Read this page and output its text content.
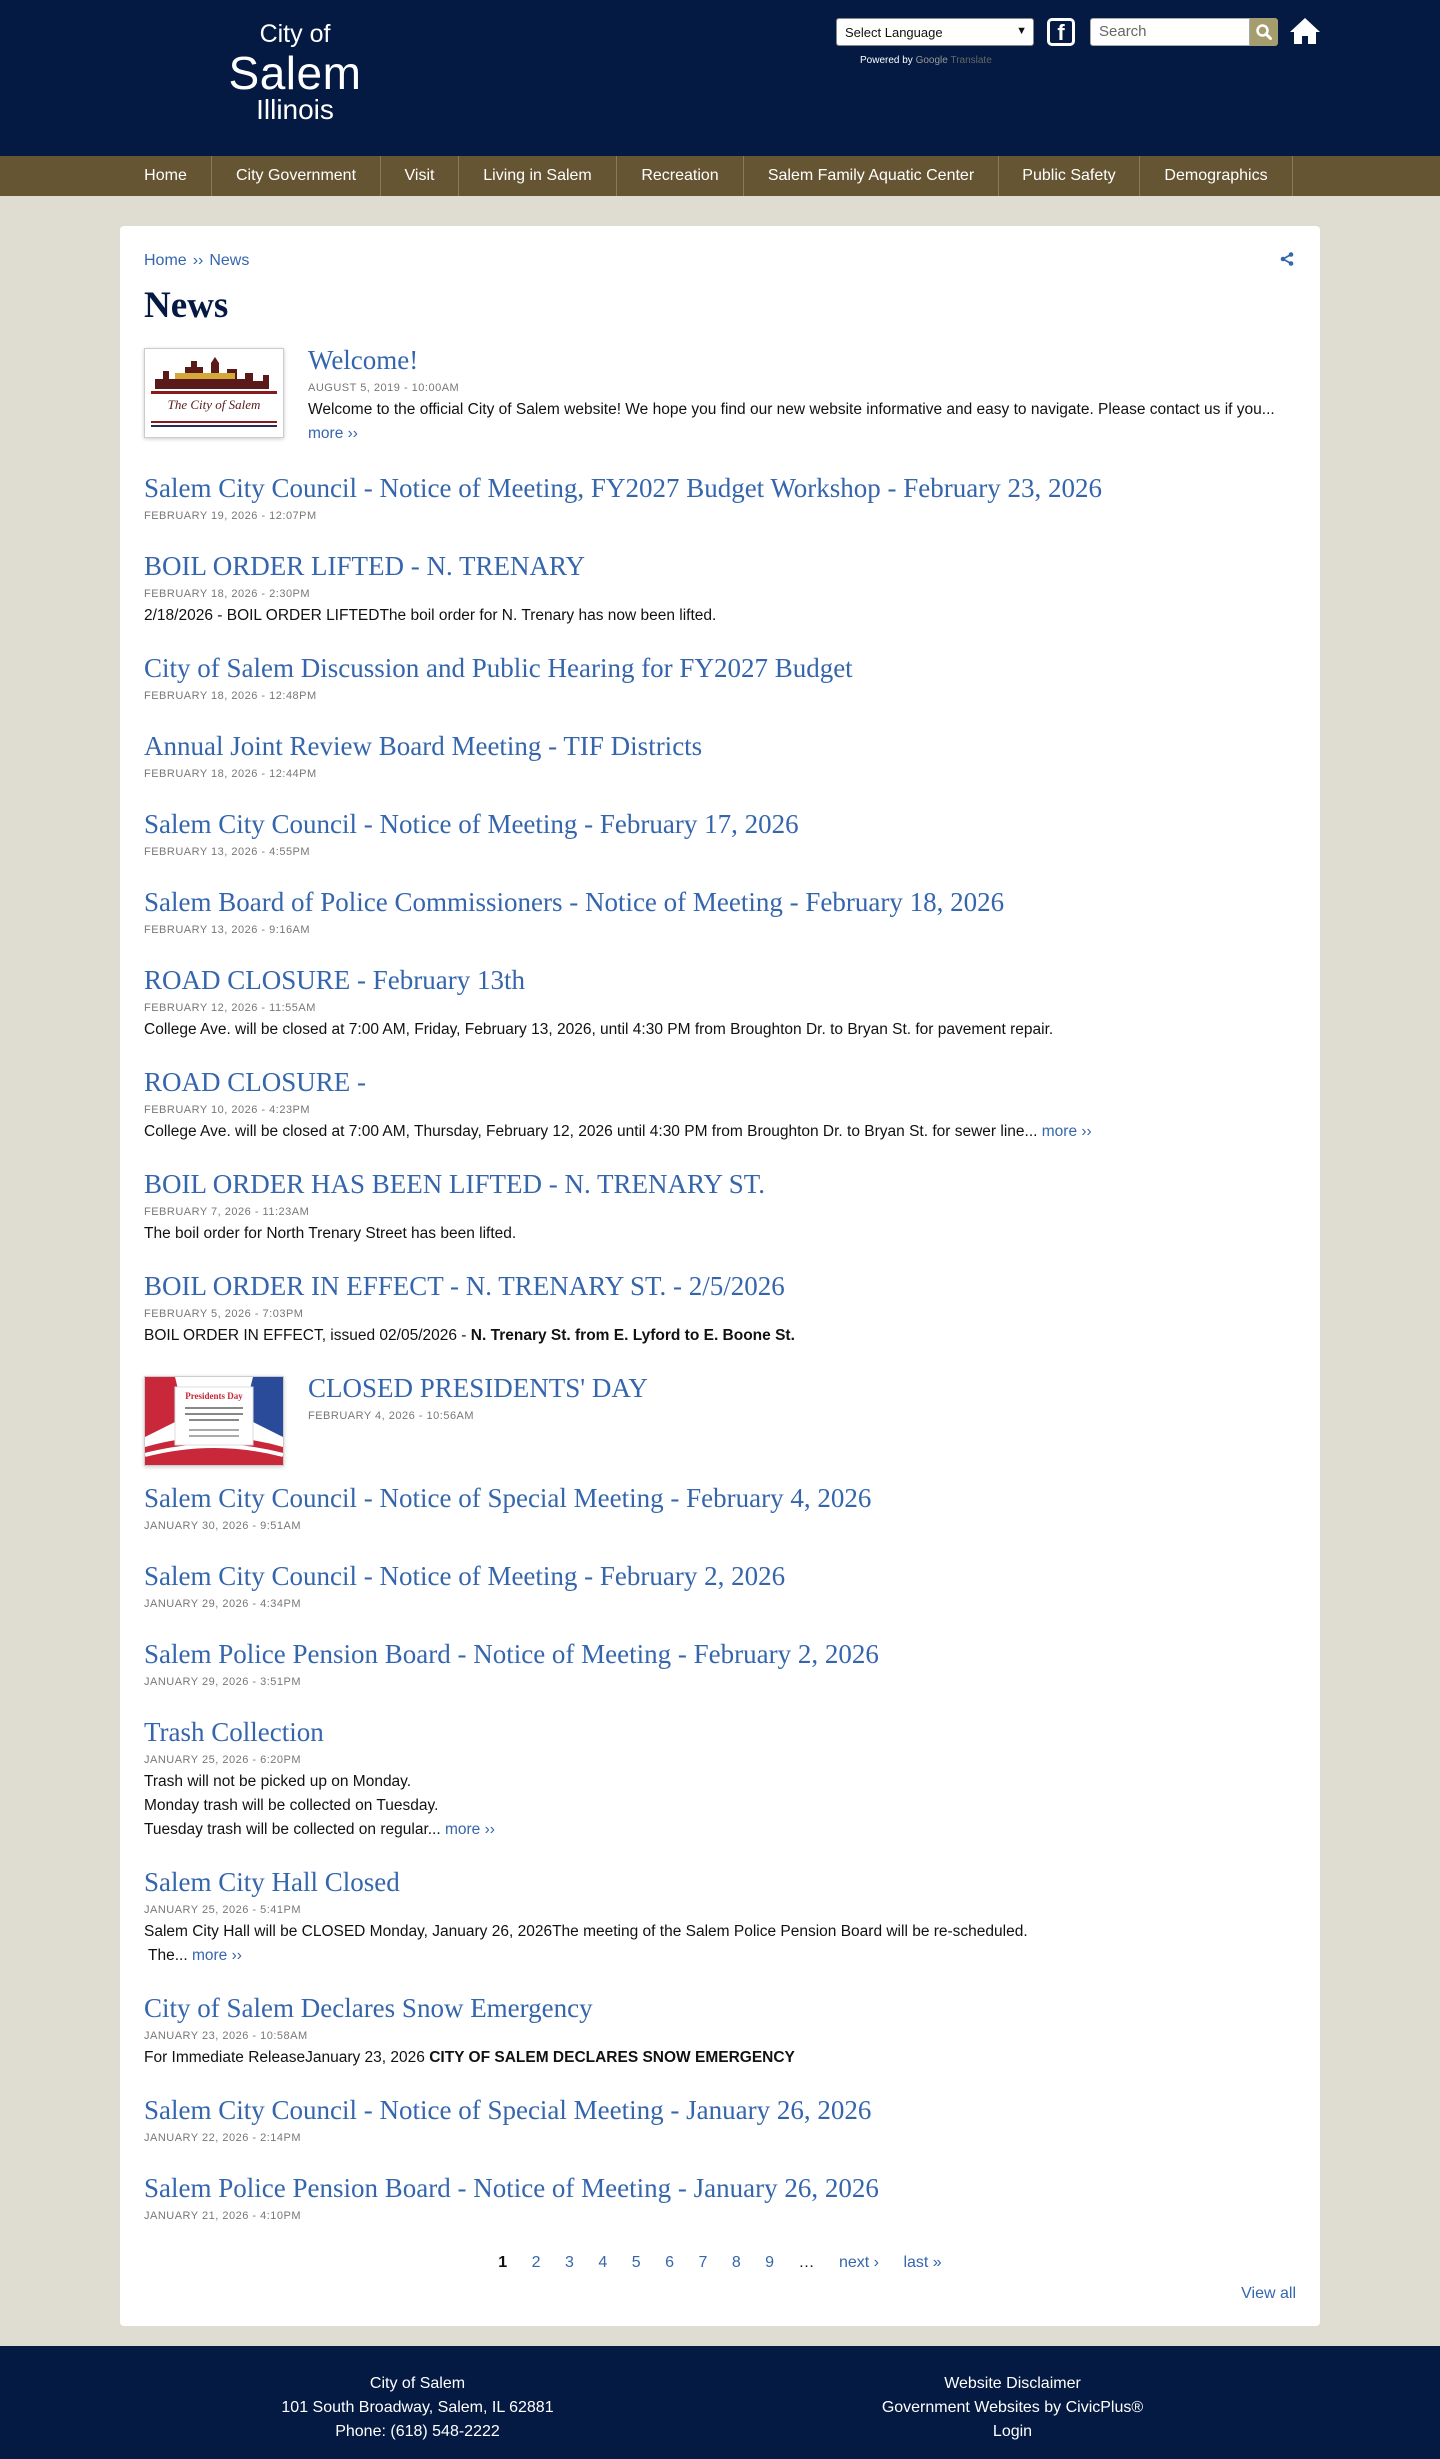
City of
Salem
Illinois
Select Language	▼
Powered by Google Translate
f	Search
Home	City Government	Visit	Living in Salem	Recreation	Salem Family Aquatic Center	Public Safety	Demographics
Home ›› News
News
The City of Salem
Welcome!
AUGUST 5, 2019 - 10:00AM
Welcome to the official City of Salem website! We hope you find our new website informative and easy to navigate. Please contact us if you... more ››
Salem City Council - Notice of Meeting, FY2027 Budget Workshop - February 23, 2026
FEBRUARY 19, 2026 - 12:07PM
BOIL ORDER LIFTED - N. TRENARY
FEBRUARY 18, 2026 - 2:30PM
2/18/2026 - BOIL ORDER LIFTEDThe boil order for N. Trenary has now been lifted.
City of Salem Discussion and Public Hearing for FY2027 Budget
FEBRUARY 18, 2026 - 12:48PM
Annual Joint Review Board Meeting - TIF Districts
FEBRUARY 18, 2026 - 12:44PM
Salem City Council - Notice of Meeting - February 17, 2026
FEBRUARY 13, 2026 - 4:55PM
Salem Board of Police Commissioners - Notice of Meeting - February 18, 2026
FEBRUARY 13, 2026 - 9:16AM
ROAD CLOSURE - February 13th
FEBRUARY 12, 2026 - 11:55AM
College Ave. will be closed at 7:00 AM, Friday, February 13, 2026, until 4:30 PM from Broughton Dr. to Bryan St. for pavement repair.
ROAD CLOSURE -
FEBRUARY 10, 2026 - 4:23PM
College Ave. will be closed at 7:00 AM, Thursday, February 12, 2026 until 4:30 PM from Broughton Dr. to Bryan St. for sewer line... more ››
BOIL ORDER HAS BEEN LIFTED - N. TRENARY ST.
FEBRUARY 7, 2026 - 11:23AM
The boil order for North Trenary Street has been lifted.
BOIL ORDER IN EFFECT - N. TRENARY ST. - 2/5/2026
FEBRUARY 5, 2026 - 7:03PM
BOIL ORDER IN EFFECT, issued 02/05/2026 - N. Trenary St. from E. Lyford to E. Boone St.
Presidents Day CLOSED PRESIDENTS' DAY
FEBRUARY 4, 2026 - 10:56AM
Salem City Council - Notice of Special Meeting - February 4, 2026
JANUARY 30, 2026 - 9:51AM
Salem City Council - Notice of Meeting - February 2, 2026
JANUARY 29, 2026 - 4:34PM
Salem Police Pension Board - Notice of Meeting - February 2, 2026
JANUARY 29, 2026 - 3:51PM
Trash Collection
JANUARY 25, 2026 - 6:20PM
Trash will not be picked up on Monday.
Monday trash will be collected on Tuesday.
Tuesday trash will be collected on regular... more ››
Salem City Hall Closed
JANUARY 25, 2026 - 5:41PM
Salem City Hall will be CLOSED Monday, January 26, 2026The meeting of the Salem Police Pension Board will be re-scheduled.
The... more ››
City of Salem Declares Snow Emergency
JANUARY 23, 2026 - 10:58AM
For Immediate ReleaseJanuary 23, 2026 CITY OF SALEM DECLARES SNOW EMERGENCY
Salem City Council - Notice of Special Meeting - January 26, 2026
JANUARY 22, 2026 - 2:14PM
Salem Police Pension Board - Notice of Meeting - January 26, 2026
JANUARY 21, 2026 - 4:10PM
1 2 3 4 5 6 7 8 9 … next › last »
View all
City of Salem
101 South Broadway, Salem, IL 62881
Phone: (618) 548-2222
Website Disclaimer
Government Websites by CivicPlus®
Login
